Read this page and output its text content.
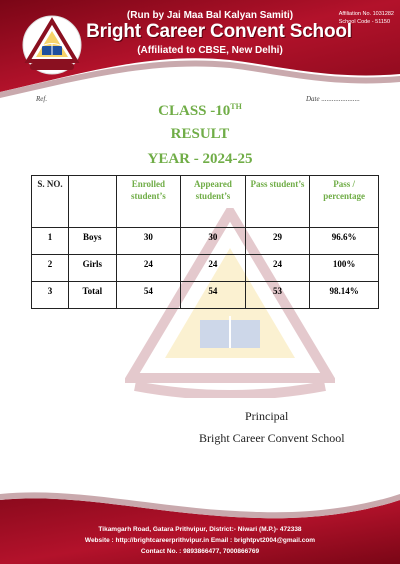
(Run by Jai Maa Bal Kalyan Samiti)
Bright Career Convent School
(Affiliated to CBSE, New Delhi)
Affiliation No. 1031282
School Code - 51150
Ref.	Date ......................
CLASS -10TH
RESULT
YEAR - 2024-25
S. NO.		Enrolled student’s	Appeared student’s	Pass student’s	Pass / percentage
1	Boys	30	30	29	96.6%
2	Girls	24	24	24	100%
3	Total	54	54	53	98.14%
Principal
Bright Career Convent School
Tikamgarh Road, Gatara Prithvipur, District:- Niwari (M.P.)- 472338
Website : http://brightcareerprithvipur.in Email : brightpvt2004@gmail.com
Contact No. : 9893866477, 7000866769
